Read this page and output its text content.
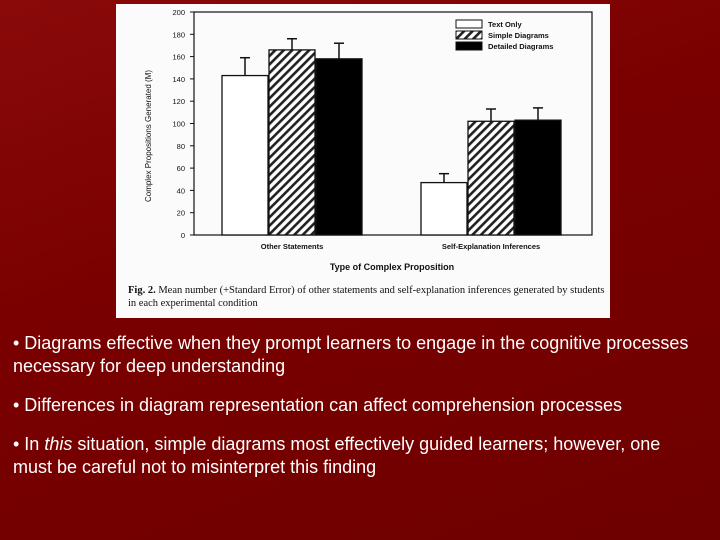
0
20
40
60
80
100
120
140
160
180
200
Other Statements	Self-Explanation Inferences
Text Only
Simple Diagrams
Detailed Diagrams
Complex Propositions Generated (M)
Type of Complex Proposition
Fig. 2. Mean number (+Standard Error) of other statements and self-explanation inferences generated by students in each experimental condition
• Diagrams effective when they prompt learners to engage in the cognitive processes necessary for deep understanding
• Differences in diagram representation can affect comprehension processes
• In this situation, simple diagrams most effectively guided learners; however, one must be careful not to misinterpret this finding
